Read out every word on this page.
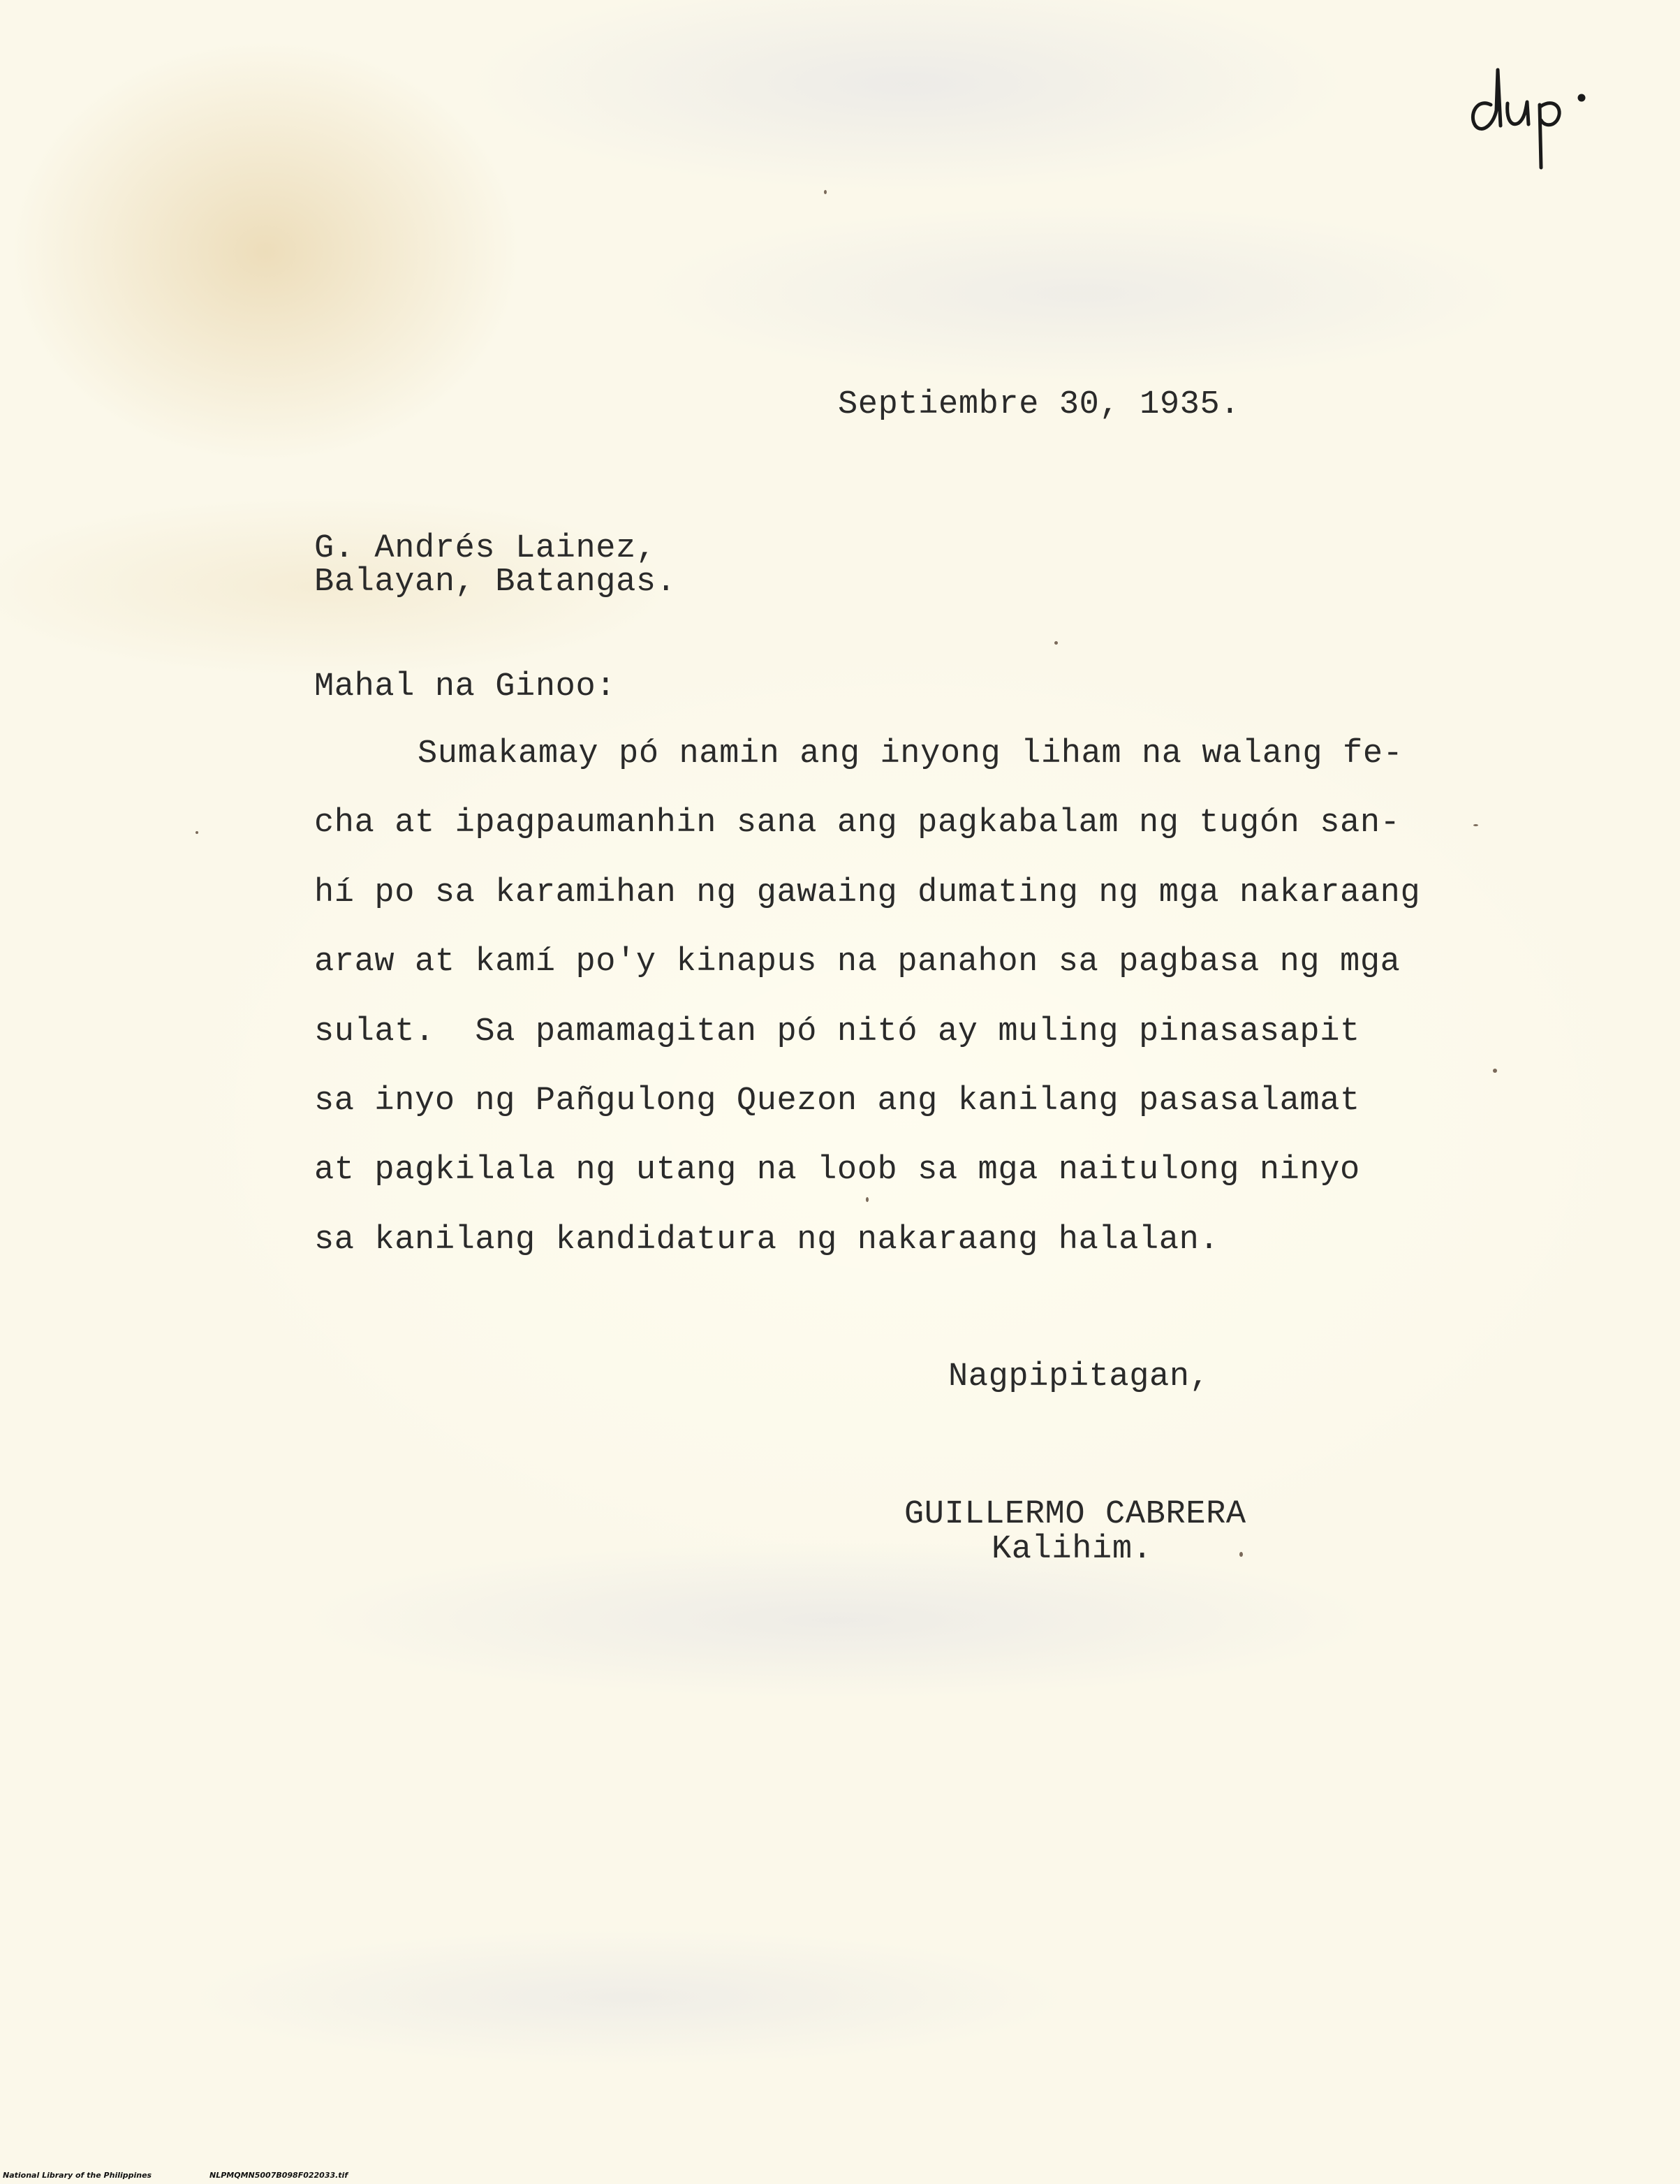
Septiembre 30, 1935.

G. Andrés Lainez,

Balayan, Batangas.

Mahal na Ginoo:

Sumakamay pó namin ang inyong liham na walang fe-

cha at ipagpaumanhin sana ang pagkabalam ng tugón san-

hí po sa karamihan ng gawaing dumating ng mga nakaraang

araw at kamí po'y kinapus na panahon sa pagbasa ng mga

sulat.  Sa pamamagitan pó nitó ay muling pinasasapit

sa inyo ng Pañgulong Quezon ang kanilang pasasalamat

at pagkilala ng utang na loob sa mga naitulong ninyo

sa kanilang kandidatura ng nakaraang halalan.

Nagpipitagan,

GUILLERMO CABRERA

Kalihim.

National Library of the Philippines	NLPMQMN5007B098F022033.tif
